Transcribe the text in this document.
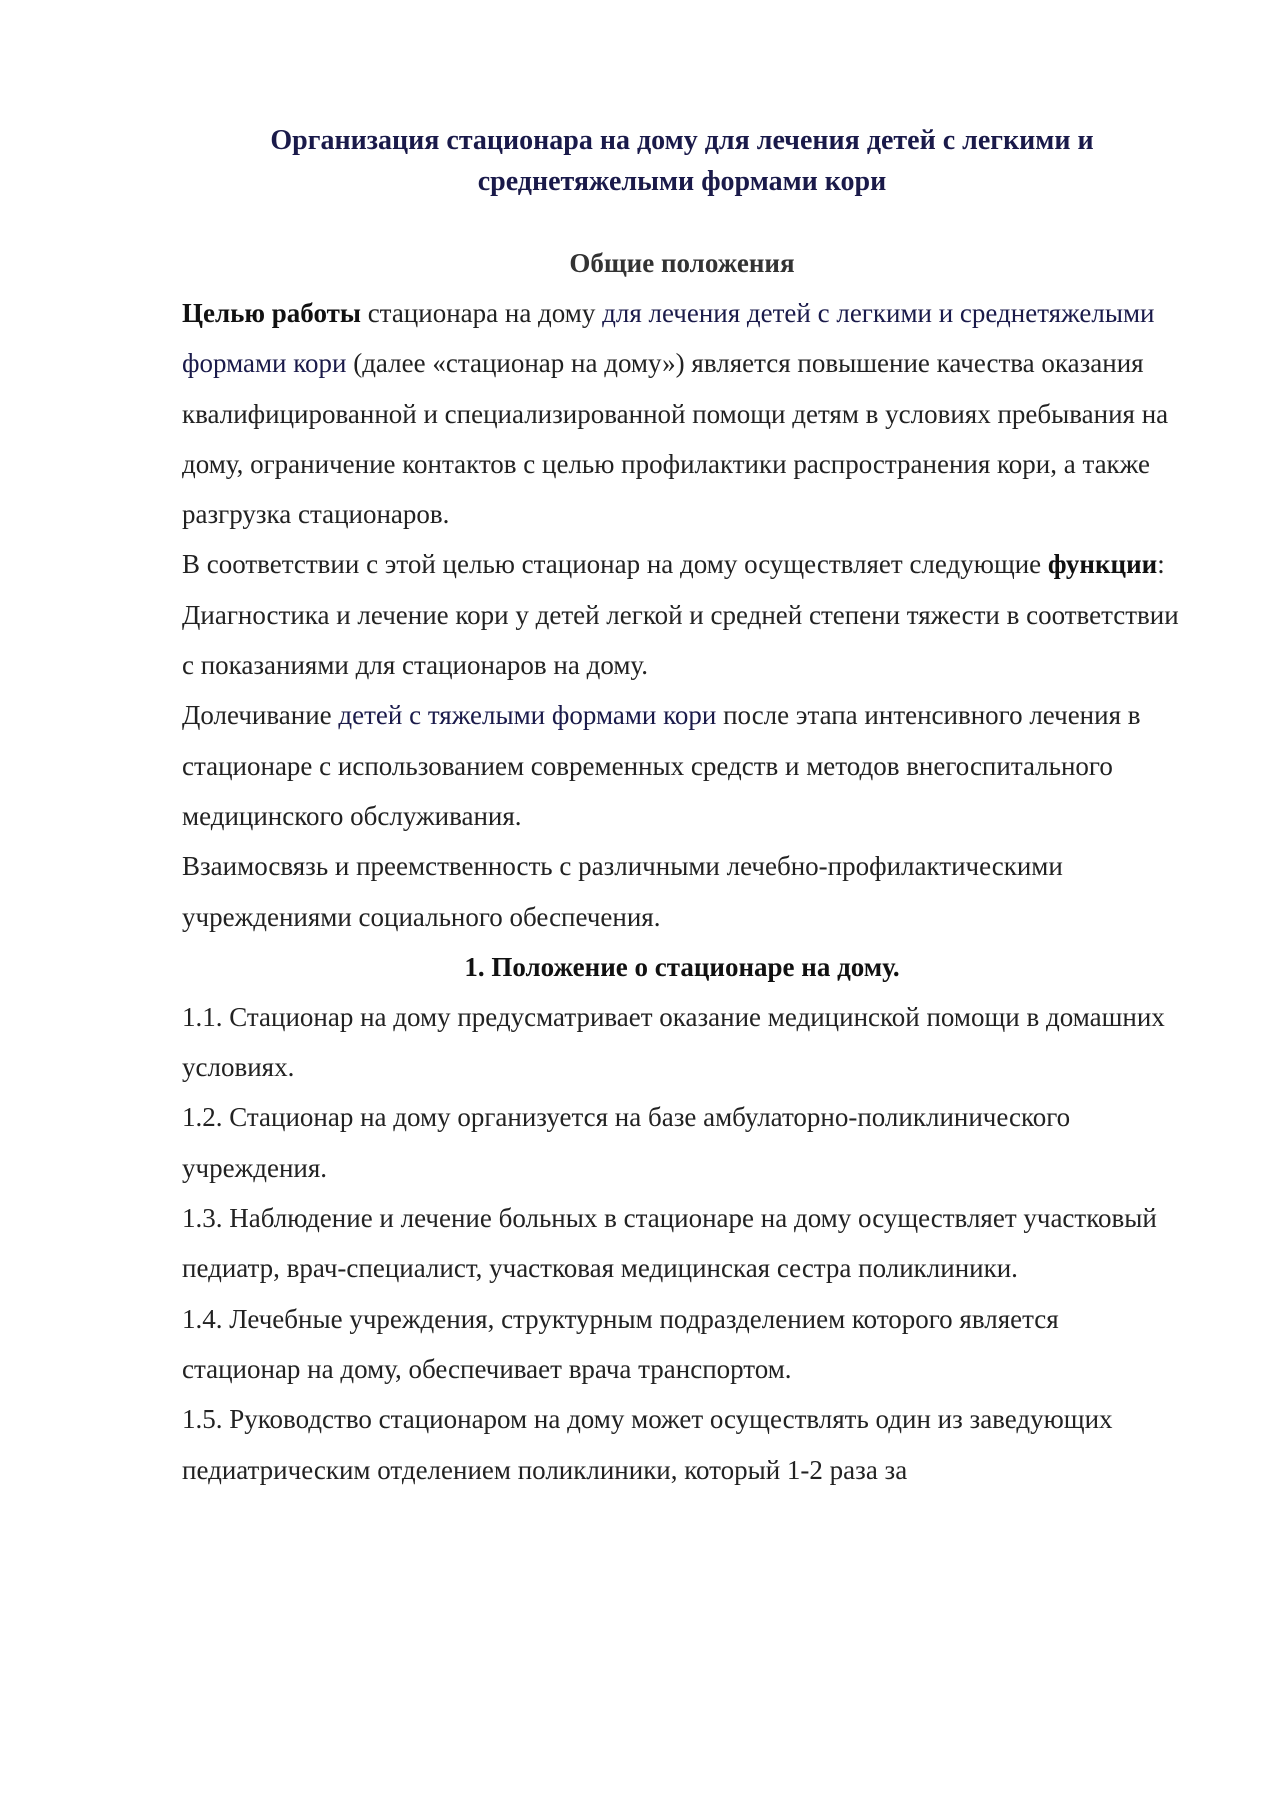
Организация стационара на дому для лечения детей с легкими и
среднетяжелыми формами кори
Общие положения

Целью работы стационара на дому для лечения детей с легкими и среднетяжелыми формами кори (далее «стационар на дому») является повышение качества оказания квалифицированной и специализированной помощи детям в условиях пребывания на дому, ограничение контактов с целью профилактики распространения кори, а также разгрузка стационаров.

В соответствии с этой целью стационар на дому осуществляет следующие функции:

Диагностика и лечение кори у детей легкой и средней степени тяжести в соответствии с показаниями для стационаров на дому.

Долечивание детей с тяжелыми формами кори после этапа интенсивного лечения в стационаре с использованием современных средств и методов внегоспитального медицинского обслуживания.

Взаимосвязь и преемственность с различными лечебно-профилактическими учреждениями социального обеспечения.

1. Положение о стационаре на дому.

1.1. Стационар на дому предусматривает оказание медицинской помощи в домашних условиях.

1.2. Стационар на дому организуется на базе амбулаторно-поликлинического учреждения.

1.3. Наблюдение и лечение больных в стационаре на дому осуществляет участковый педиатр, врач-специалист, участковая медицинская сестра поликлиники.

1.4. Лечебные учреждения, структурным подразделением которого является стационар на дому, обеспечивает врача транспортом.

1.5. Руководство стационаром на дому может осуществлять один из заведующих педиатрическим отделением поликлиники, который 1-2 раза за
